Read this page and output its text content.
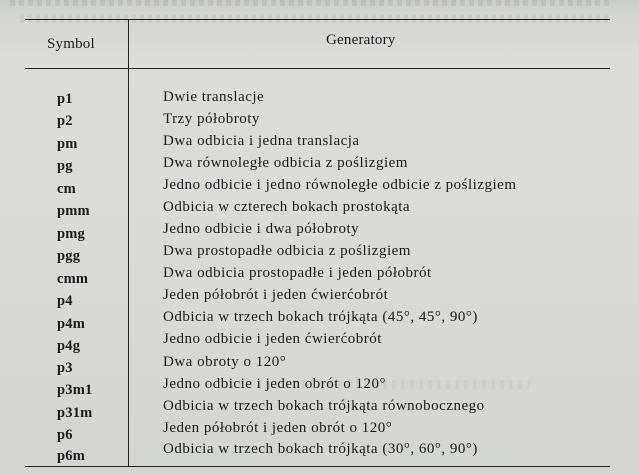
Symbol	Generatory
p1	Dwie translacje
p2	Trzy półobroty
pm	Dwa odbicia i jedna translacja
pg	Dwa równoległe odbicia z poślizgiem
cm	Jedno odbicie i jedno równoległe odbicie z poślizgiem
pmm	Odbicia w czterech bokach prostokąta
pmg	Jedno odbicie i dwa półobroty
pgg	Dwa prostopadłe odbicia z poślizgiem
cmm	Dwa odbicia prostopadłe i jeden półobrót
p4	Jeden półobrót i jeden ćwierćobrót
p4m	Odbicia w trzech bokach trójkąta (45°, 45°, 90°)
p4g	Jedno odbicie i jeden ćwierćobrót
p3	Dwa obroty o 120°
p3m1	Jedno odbicie i jeden obrót o 120°
p31m	Odbicia w trzech bokach trójkąta równobocznego
p6	Jeden półobrót i jeden obrót o 120°
p6m	Odbicia w trzech bokach trójkąta (30°, 60°, 90°)
